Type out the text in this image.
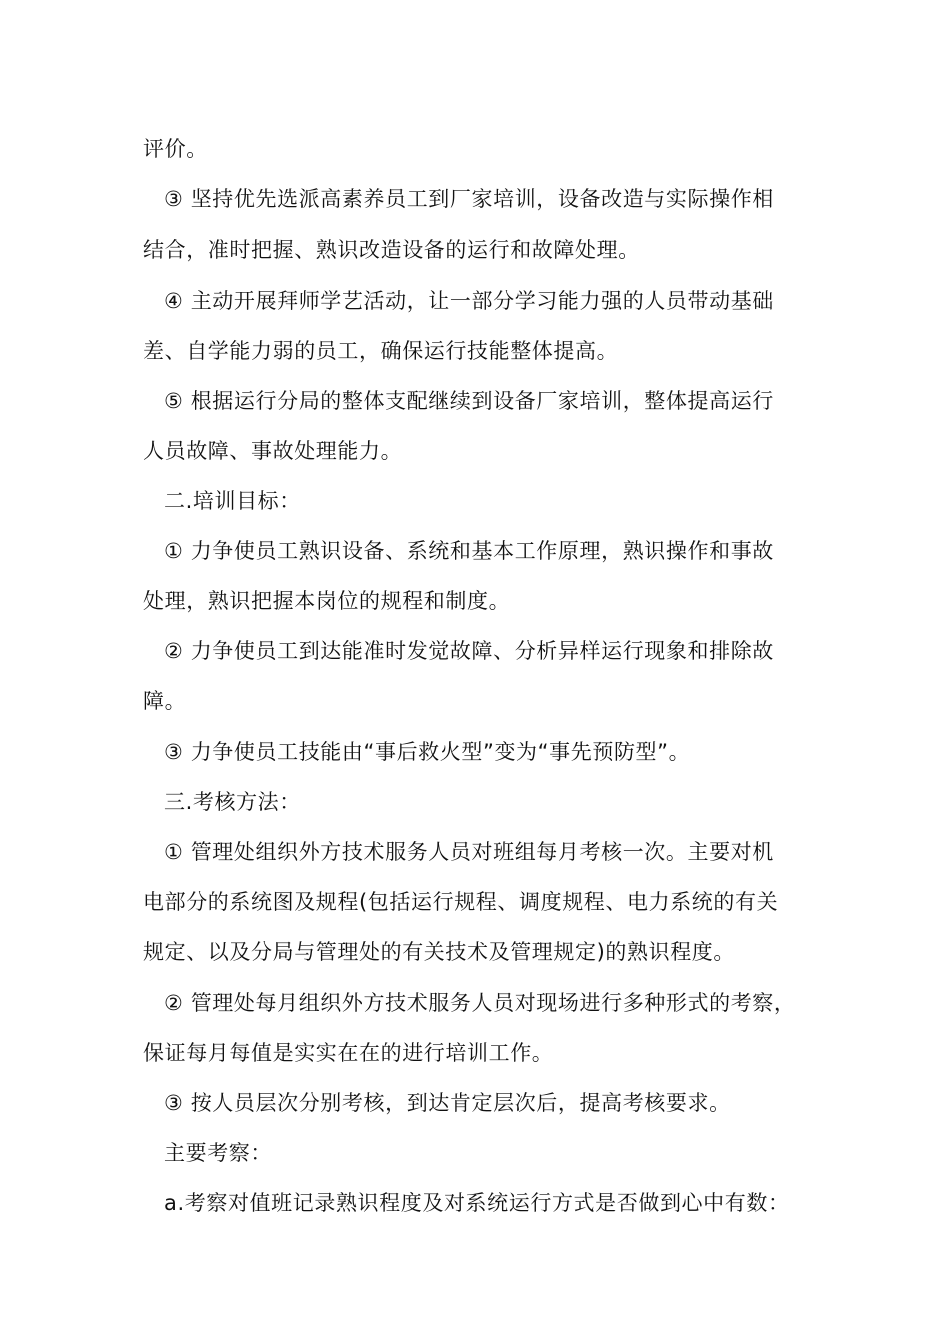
评价。
③ 坚持优先选派高素养员工到厂家培训，设备改造与实际操作相
结合，准时把握、熟识改造设备的运行和故障处理。
④ 主动开展拜师学艺活动，让一部分学习能力强的人员带动基础
差、自学能力弱的员工，确保运行技能整体提高。
⑤ 根据运行分局的整体支配继续到设备厂家培训，整体提高运行
人员故障、事故处理能力。
二.培训目标：
① 力争使员工熟识设备、系统和基本工作原理，熟识操作和事故
处理，熟识把握本岗位的规程和制度。
② 力争使员工到达能准时发觉故障、分析异样运行现象和排除故
障。
③ 力争使员工技能由“事后救火型”变为“事先预防型”。
三.考核方法：
① 管理处组织外方技术服务人员对班组每月考核一次。主要对机
电部分的系统图及规程(包括运行规程、调度规程、电力系统的有关
规定、以及分局与管理处的有关技术及管理规定)的熟识程度。
② 管理处每月组织外方技术服务人员对现场进行多种形式的考察，
保证每月每值是实实在在的进行培训工作。
③ 按人员层次分别考核，到达肯定层次后，提高考核要求。
主要考察：
a.考察对值班记录熟识程度及对系统运行方式是否做到心中有数：
